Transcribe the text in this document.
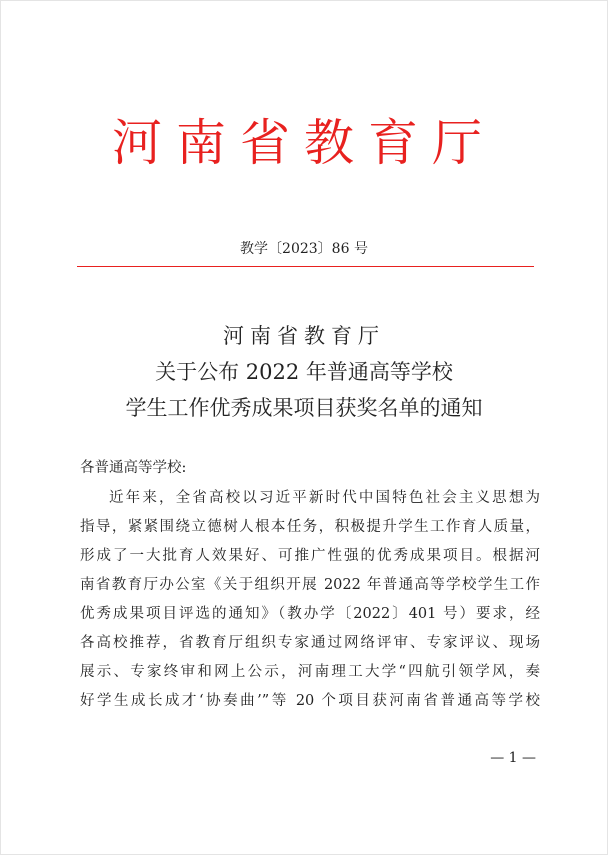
河南省教育厅
教学〔2023〕86 号
河南省教育厅
关于公布 2022 年普通高等学校
学生工作优秀成果项目获奖名单的通知
各普通高等学校:
近年来，全省高校以习近平新时代中国特色社会主义思想为
指导，紧紧围绕立德树人根本任务，积极提升学生工作育人质量，
形成了一大批育人效果好、可推广性强的优秀成果项目。根据河
南省教育厅办公室《关于组织开展 2022 年普通高等学校学生工作
优秀成果项目评选的通知》（教办学〔2022〕401 号）要求，经
各高校推荐，省教育厅组织专家通过网络评审、专家评议、现场
展示、专家终审和网上公示，河南理工大学“四航引领学风，奏
好学生成长成才‘协奏曲’”等 20 个项目获河南省普通高等学校
— 1 —
